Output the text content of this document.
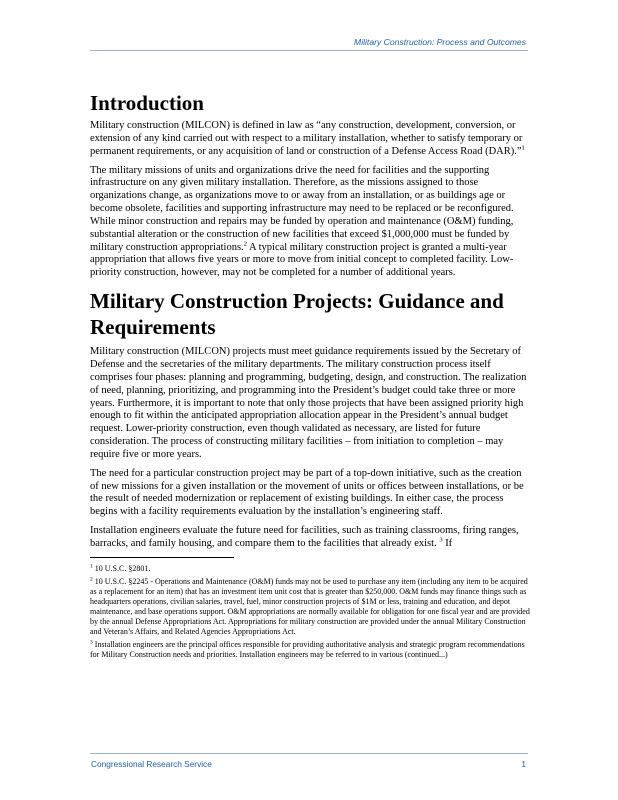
Military Construction: Process and Outcomes
Introduction

Military construction (MILCON) is defined in law as “any construction, development, conversion, or extension of any kind carried out with respect to a military installation, whether to satisfy temporary or permanent requirements, or any acquisition of land or construction of a Defense Access Road (DAR).”$^1$

The military missions of units and organizations drive the need for facilities and the supporting infrastructure on any given military installation. Therefore, as the missions assigned to those organizations change, as organizations move to or away from an installation, or as buildings age or become obsolete, facilities and supporting infrastructure may need to be replaced or be reconfigured. While minor construction and repairs may be funded by operation and maintenance (O&M) funding, substantial alteration or the construction of new facilities that exceed $1,000,000 must be funded by military construction appropriations.$^2$ A typical military construction project is granted a multi-year appropriation that allows five years or more to move from initial concept to completed facility. Low-priority construction, however, may not be completed for a number of additional years.

Military Construction Projects: Guidance and Requirements

Military construction (MILCON) projects must meet guidance requirements issued by the Secretary of Defense and the secretaries of the military departments. The military construction process itself comprises four phases: planning and programming, budgeting, design, and construction. The realization of need, planning, prioritizing, and programming into the President’s budget could take three or more years. Furthermore, it is important to note that only those projects that have been assigned priority high enough to fit within the anticipated appropriation allocation appear in the President’s annual budget request. Lower-priority construction, even though validated as necessary, are listed for future consideration. The process of constructing military facilities – from initiation to completion – may require five or more years.

The need for a particular construction project may be part of a top-down initiative, such as the creation of new missions for a given installation or the movement of units or offices between installations, or be the result of needed modernization or replacement of existing buildings. In either case, the process begins with a facility requirements evaluation by the installation’s engineering staff.

Installation engineers evaluate the future need for facilities, such as training classrooms, firing ranges, barracks, and family housing, and compare them to the facilities that already exist. $^3$ If

$^1$ 10 U.S.C. §2801.

$^2$ 10 U.S.C. §2245 - Operations and Maintenance (O&M) funds may not be used to purchase any item (including any item to be acquired as a replacement for an item) that has an investment item unit cost that is greater than $250,000. O&M funds may finance things such as headquarters operations, civilian salaries, travel, fuel, minor construction projects of $1M or less, training and education, and depot maintenance, and base operations support. O&M appropriations are normally available for obligation for one fiscal year and are provided by the annual Defense Appropriations Act. Appropriations for military construction are provided under the annual Military Construction and Veteran’s Affairs, and Related Agencies Appropriations Act.

$^3$ Installation engineers are the principal offices responsible for providing authoritative analysis and strategic program recommendations for Military Construction needs and priorities. Installation engineers may be referred to in various (continued...)

Congressional Research Service	1
